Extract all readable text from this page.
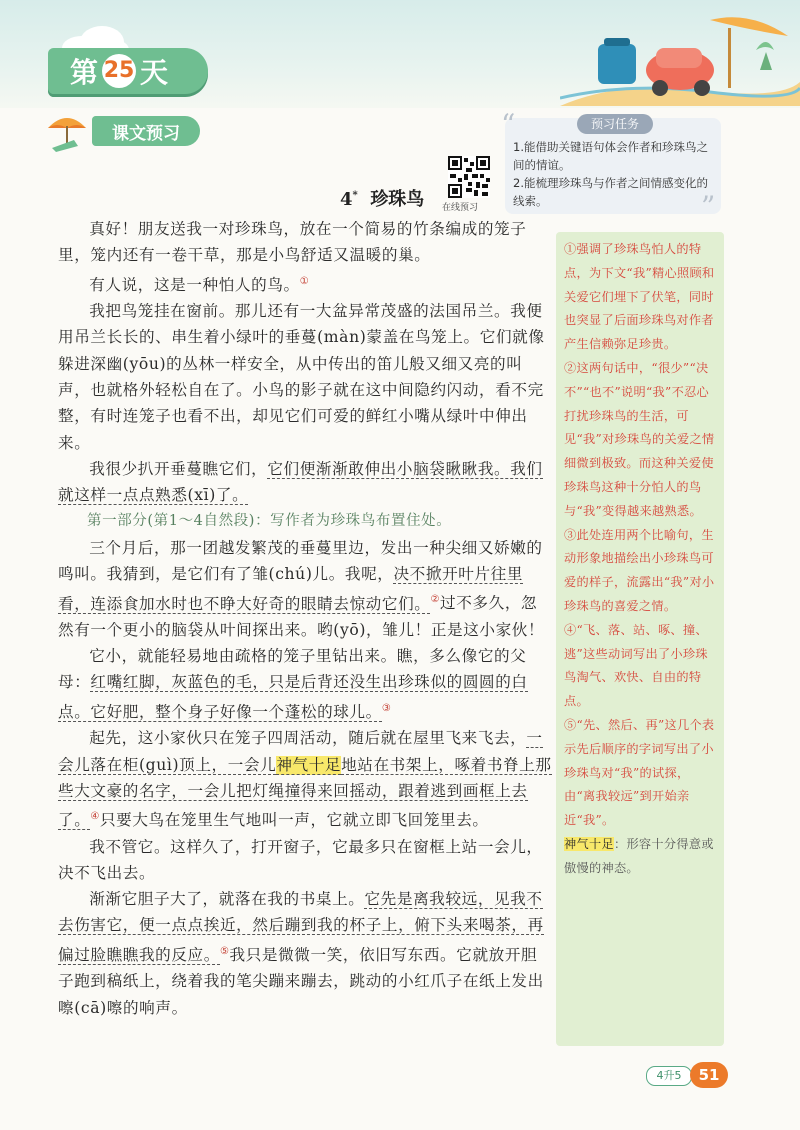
第 25 天
课文预习	“	预习任务
1.能借助关键语句体会作者和珍珠鸟之间的情谊。
2.能梳理珍珠鸟与作者之间情感变化的线索。	”
在线预习
4* 珍珠鸟

真好！朋友送我一对珍珠鸟，放在一个简易的竹条编成的笼子里，笼内还有一卷干草，那是小鸟舒适又温暖的巢。

有人说，这是一种怕人的鸟。①

我把鸟笼挂在窗前。那儿还有一大盆异常茂盛的法国吊兰。我便用吊兰长长的、串生着小绿叶的垂蔓(màn)蒙盖在鸟笼上。它们就像躲进深幽(yōu)的丛林一样安全，从中传出的笛儿般又细又亮的叫声，也就格外轻松自在了。小鸟的影子就在这中间隐约闪动，看不完整，有时连笼子也看不出，却见它们可爱的鲜红小嘴从绿叶中伸出来。

我很少扒开垂蔓瞧它们，它们便渐渐敢伸出小脑袋瞅瞅我。我们就这样一点点熟悉(xī)了。

第一部分(第1～4自然段)：写作者为珍珠鸟布置住处。

三个月后，那一团越发繁茂的垂蔓里边，发出一种尖细又娇嫩的鸣叫。我猜到，是它们有了雏(chú)儿。我呢，决不掀开叶片往里看，连添食加水时也不睁大好奇的眼睛去惊动它们。②过不多久，忽然有一个更小的脑袋从叶间探出来。哟(yō)，雏儿！正是这小家伙！

它小，就能轻易地由疏格的笼子里钻出来。瞧，多么像它的父母：红嘴红脚，灰蓝色的毛，只是后背还没生出珍珠似的圆圆的白点。它好肥，整个身子好像一个蓬松的球儿。③

起先，这小家伙只在笼子四周活动，随后就在屋里飞来飞去，一会儿落在柜(guì)顶上，一会儿神气十足地站在书架上，啄着书脊上那些大文豪的名字，一会儿把灯绳撞得来回摇动，跟着逃到画框上去了。④只要大鸟在笼里生气地叫一声，它就立即飞回笼里去。

我不管它。这样久了，打开窗子，它最多只在窗框上站一会儿，决不飞出去。

渐渐它胆子大了，就落在我的书桌上。它先是离我较远，见我不去伤害它，便一点点挨近，然后蹦到我的杯子上，俯下头来喝茶，再偏过脸瞧瞧我的反应。⑤我只是微微一笑，依旧写东西。它就放开胆子跑到稿纸上，绕着我的笔尖蹦来蹦去，跳动的小红爪子在纸上发出嚓(cā)嚓的响声。

①强调了珍珠鸟怕人的特点，为下文“我”精心照顾和关爱它们埋下了伏笔，同时也突显了后面珍珠鸟对作者产生信赖弥足珍贵。

②这两句话中，“很少”“决不”“也不”说明“我”不忍心打扰珍珠鸟的生活，可见“我”对珍珠鸟的关爱之情细微到极致。而这种关爱使珍珠鸟这种十分怕人的鸟与“我”变得越来越熟悉。

③此处连用两个比喻句，生动形象地描绘出小珍珠鸟可爱的样子，流露出“我”对小珍珠鸟的喜爱之情。

④“飞、落、站、啄、撞、逃”这些动词写出了小珍珠鸟淘气、欢快、自由的特点。

⑤“先、然后、再”这几个表示先后顺序的字词写出了小珍珠鸟对“我”的试探，由“离我较远”到开始亲近“我”。

神气十足：形容十分得意或傲慢的神态。

4升5	51
